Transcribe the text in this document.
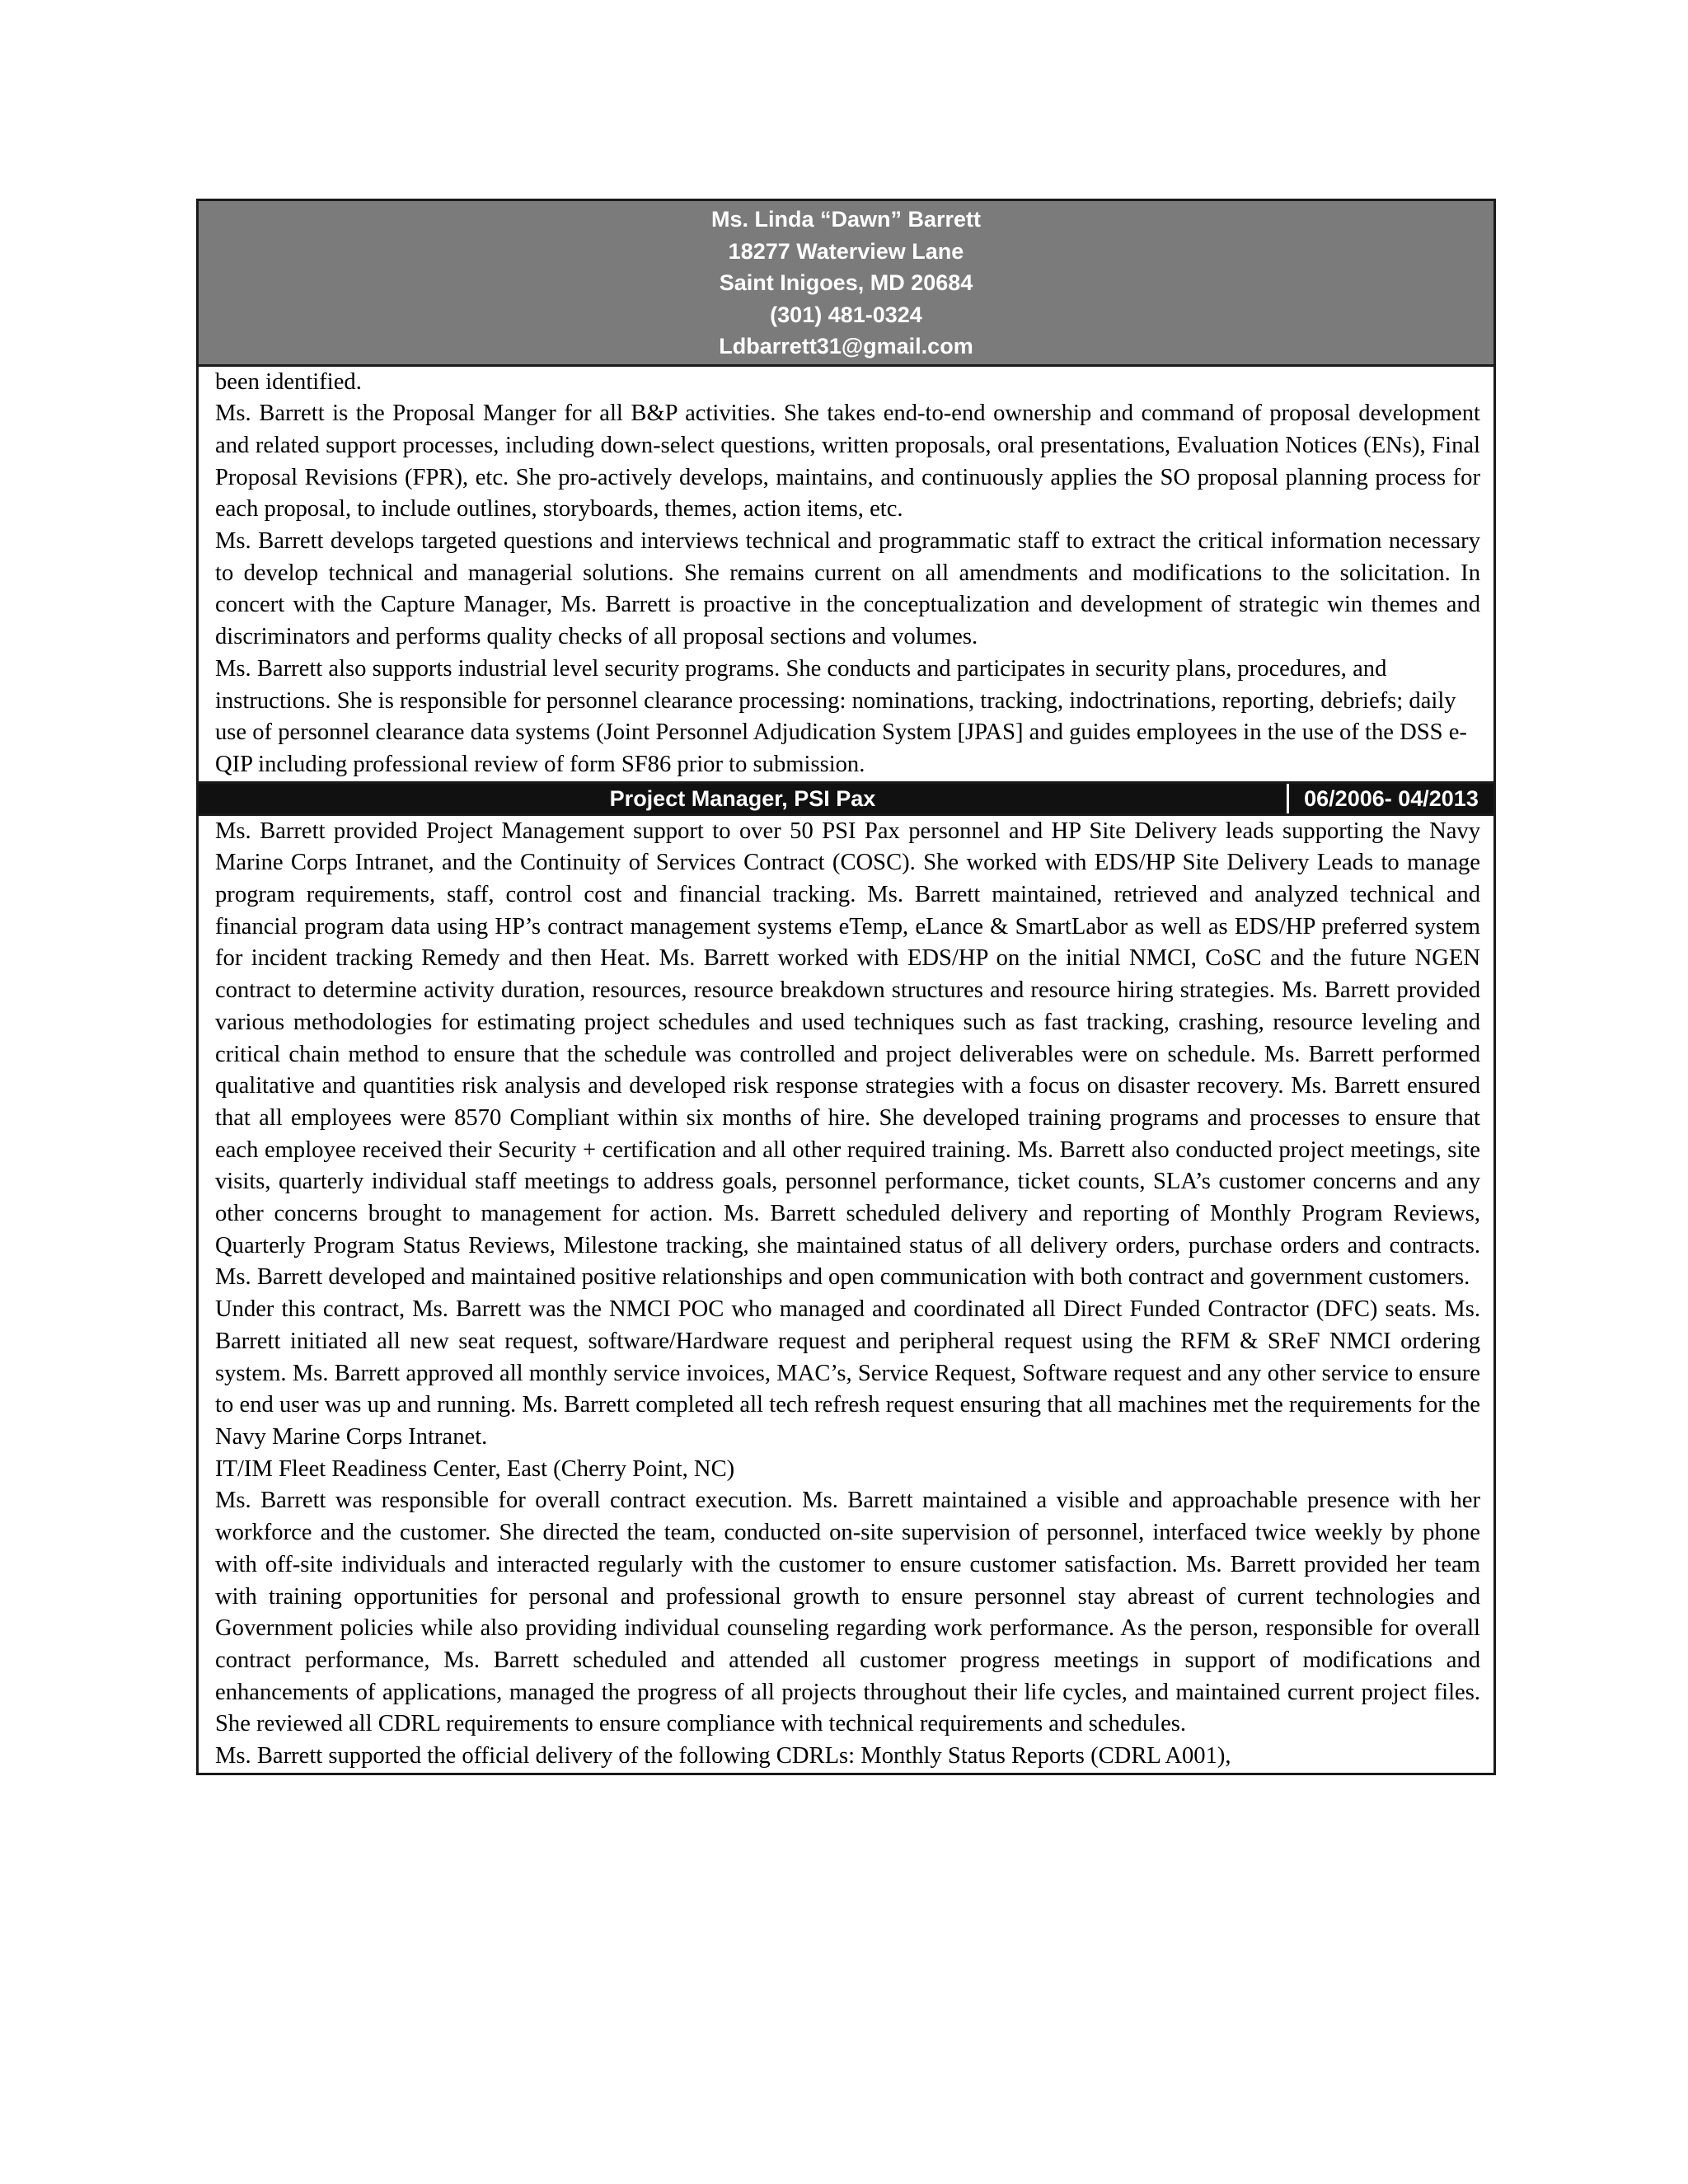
Ms. Linda “Dawn” Barrett
18277 Waterview Lane
Saint Inigoes, MD 20684
(301) 481-0324
Ldbarrett31@gmail.com

been identified.

Ms. Barrett is the Proposal Manger for all B&P activities. She takes end-to-end ownership and command of proposal development and related support processes, including down-select questions, written proposals, oral presentations, Evaluation Notices (ENs), Final Proposal Revisions (FPR), etc. She pro-actively develops, maintains, and continuously applies the SO proposal planning process for each proposal, to include outlines, storyboards, themes, action items, etc.

Ms. Barrett develops targeted questions and interviews technical and programmatic staff to extract the critical information necessary to develop technical and managerial solutions. She remains current on all amendments and modifications to the solicitation. In concert with the Capture Manager, Ms. Barrett is proactive in the conceptualization and development of strategic win themes and discriminators and performs quality checks of all proposal sections and volumes.

Ms. Barrett also supports industrial level security programs. She conducts and participates in security plans, procedures, and instructions. She is responsible for personnel clearance processing: nominations, tracking, indoctrinations, reporting, debriefs; daily use of personnel clearance data systems (Joint Personnel Adjudication System [JPAS] and guides employees in the use of the DSS e-QIP including professional review of form SF86 prior to submission.

Project Manager, PSI Pax	06/2006- 04/2013

Ms. Barrett provided Project Management support to over 50 PSI Pax personnel and HP Site Delivery leads supporting the Navy Marine Corps Intranet, and the Continuity of Services Contract (COSC). She worked with EDS/HP Site Delivery Leads to manage program requirements, staff, control cost and financial tracking. Ms. Barrett maintained, retrieved and analyzed technical and financial program data using HP’s contract management systems eTemp, eLance & SmartLabor as well as EDS/HP preferred system for incident tracking Remedy and then Heat. Ms. Barrett worked with EDS/HP on the initial NMCI, CoSC and the future NGEN contract to determine activity duration, resources, resource breakdown structures and resource hiring strategies. Ms. Barrett provided various methodologies for estimating project schedules and used techniques such as fast tracking, crashing, resource leveling and critical chain method to ensure that the schedule was controlled and project deliverables were on schedule. Ms. Barrett performed qualitative and quantities risk analysis and developed risk response strategies with a focus on disaster recovery. Ms. Barrett ensured that all employees were 8570 Compliant within six months of hire. She developed training programs and processes to ensure that each employee received their Security + certification and all other required training. Ms. Barrett also conducted project meetings, site visits, quarterly individual staff meetings to address goals, personnel performance, ticket counts, SLA’s customer concerns and any other concerns brought to management for action. Ms. Barrett scheduled delivery and reporting of Monthly Program Reviews, Quarterly Program Status Reviews, Milestone tracking, she maintained status of all delivery orders, purchase orders and contracts. Ms. Barrett developed and maintained positive relationships and open communication with both contract and government customers.

Under this contract, Ms. Barrett was the NMCI POC who managed and coordinated all Direct Funded Contractor (DFC) seats. Ms. Barrett initiated all new seat request, software/Hardware request and peripheral request using the RFM & SReF NMCI ordering system. Ms. Barrett approved all monthly service invoices, MAC’s, Service Request, Software request and any other service to ensure to end user was up and running. Ms. Barrett completed all tech refresh request ensuring that all machines met the requirements for the Navy Marine Corps Intranet.

IT/IM Fleet Readiness Center, East (Cherry Point, NC)

Ms. Barrett was responsible for overall contract execution. Ms. Barrett maintained a visible and approachable presence with her workforce and the customer. She directed the team, conducted on-site supervision of personnel, interfaced twice weekly by phone with off-site individuals and interacted regularly with the customer to ensure customer satisfaction. Ms. Barrett provided her team with training opportunities for personal and professional growth to ensure personnel stay abreast of current technologies and Government policies while also providing individual counseling regarding work performance. As the person, responsible for overall contract performance, Ms. Barrett scheduled and attended all customer progress meetings in support of modifications and enhancements of applications, managed the progress of all projects throughout their life cycles, and maintained current project files. She reviewed all CDRL requirements to ensure compliance with technical requirements and schedules.

Ms. Barrett supported the official delivery of the following CDRLs: Monthly Status Reports (CDRL A001),
